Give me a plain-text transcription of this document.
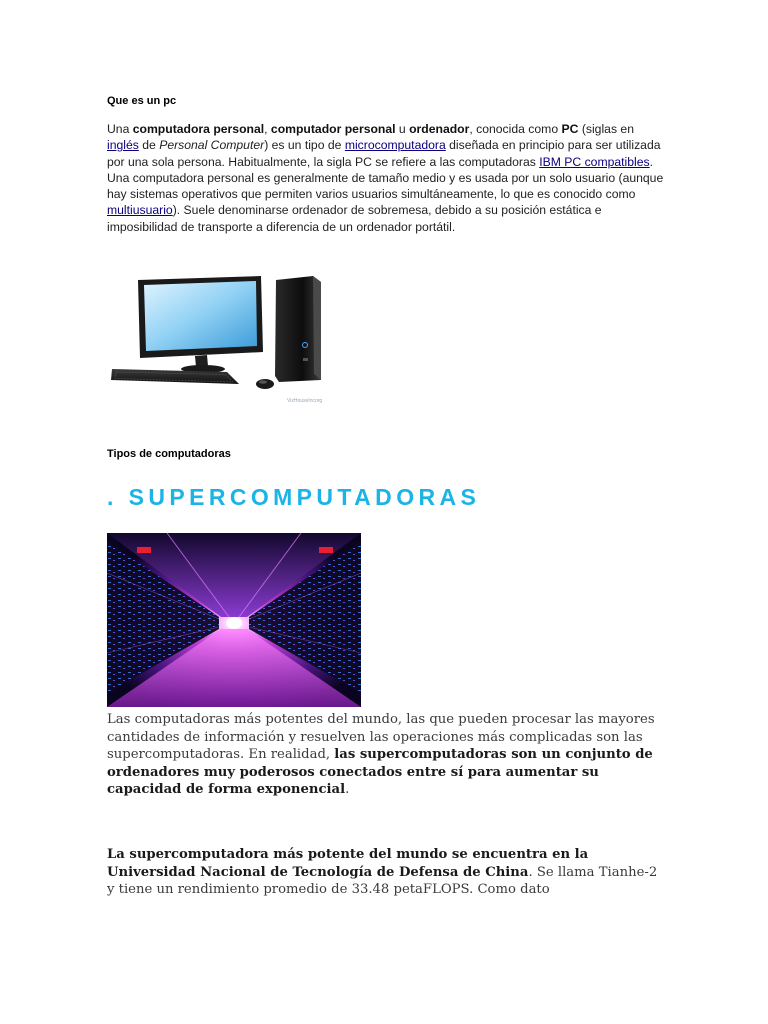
Que es un pc

Una computadora personal, computador personal u ordenador, conocida como PC (siglas en inglés de Personal Computer) es un tipo de microcomputadora diseñada en principio para ser utilizada por una sola persona. Habitualmente, la sigla PC se refiere a las computadoras IBM PC compatibles. Una computadora personal es generalmente de tamaño medio y es usada por un solo usuario (aunque hay sistemas operativos que permiten varios usuarios simultáneamente, lo que es conocido como multiusuario). Suele denominarse ordenador de sobremesa, debido a su posición estática e imposibilidad de transporte a diferencia de un ordenador portátil.

VizHouseIncorg

Tipos de computadoras

. SUPERCOMPUTADORAS

Las computadoras más potentes del mundo, las que pueden procesar las mayores cantidades de información y resuelven las operaciones más complicadas son las supercomputadoras. En realidad, las supercomputadoras son un conjunto de ordenadores muy poderosos conectados entre sí para aumentar su capacidad de forma exponencial.

La supercomputadora más potente del mundo se encuentra en la Universidad Nacional de Tecnología de Defensa de China. Se llama Tianhe-2 y tiene un rendimiento promedio de 33.48 petaFLOPS. Como dato
